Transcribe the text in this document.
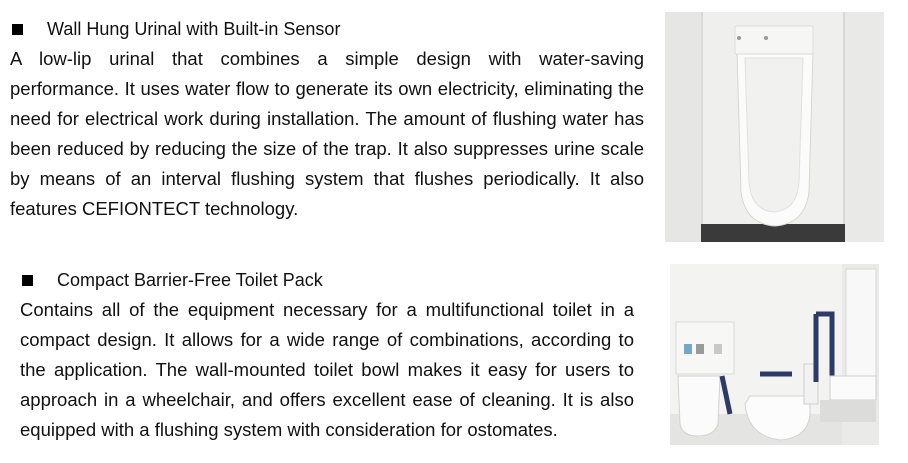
Wall Hung Urinal with Built-in Sensor
A low-lip urinal that combines a simple design with water-saving performance. It uses water flow to generate its own electricity, eliminating the need for electrical work during installation. The amount of flushing water has been reduced by reducing the size of the trap. It also suppresses urine scale by means of an interval flushing system that flushes periodically. It also features CEFIONTECT technology.
Compact Barrier-Free Toilet Pack
Contains all of the equipment necessary for a multifunctional toilet in a compact design. It allows for a wide range of combinations, according to the application. The wall-mounted toilet bowl makes it easy for users to approach in a wheelchair, and offers excellent ease of cleaning. It is also equipped with a flushing system with consideration for ostomates.
